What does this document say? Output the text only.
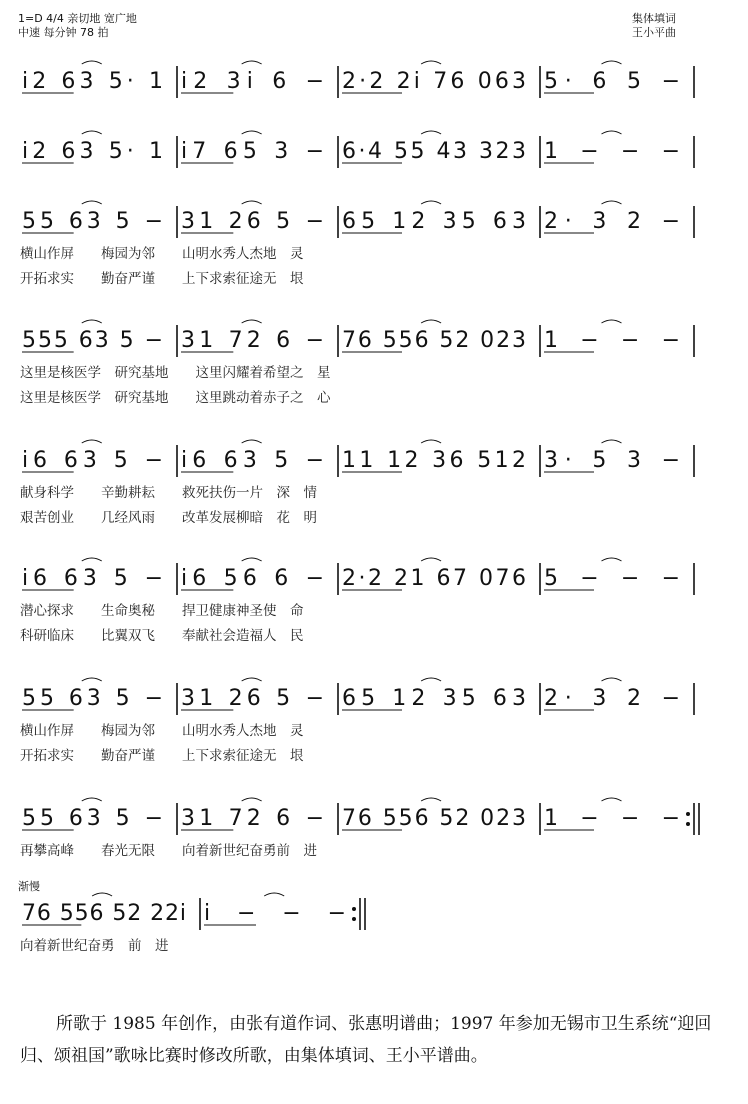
1=D 4/4 亲切地 宽广地
中速 每分钟 78 拍
集体填词
王小平曲
i2 63 5· 1 i2 3i 6 − 2·2 2i 76 063 5· 6 5 −
i2 63 5· 1 i7 65 3 − 6·4 55 43 323 1 − − −
55 63 5 − 31 26 5 − 65 12 35 63 2· 3 2 −
横山作屏　　梅园为邻　　山明水秀人杰地　灵
开拓求实　　勤奋严谨　　上下求索征途无　垠
555 63 5 − 31 72 6 − 76 556 52 023 1 − − −
这里是核医学　研究基地　　这里闪耀着希望之　星
这里是核医学　研究基地　　这里跳动着赤子之　心
i6 63 5 − i6 63 5 − 11 12 36 512 3· 5 3 −
献身科学　　辛勤耕耘　　救死扶伤一片　深　情
艰苦创业　　几经风雨　　改革发展柳暗　花　明
i6 63 5 − i6 56 6 − 2·2 21 67 076 5 − − −
潜心探求　　生命奥秘　　捍卫健康神圣使　命
科研临床　　比翼双飞　　奉献社会造福人　民
55 63 5 − 31 26 5 − 65 12 35 63 2· 3 2 −
横山作屏　　梅园为邻　　山明水秀人杰地　灵
开拓求实　　勤奋严谨　　上下求索征途无　垠
55 63 5 − 31 72 6 − 76 556 52 023 1 − − −
再攀高峰　　春光无限　　向着新世纪奋勇前　进
76 556 52 22i i − − −
向着新世纪奋勇　前　进
渐慢
所歌于 1985 年创作，由张有道作词、张惠明谱曲；1997 年参加无锡市卫生系统“迎回归、颂祖国”歌咏比赛时修改所歌，由集体填词、王小平谱曲。
